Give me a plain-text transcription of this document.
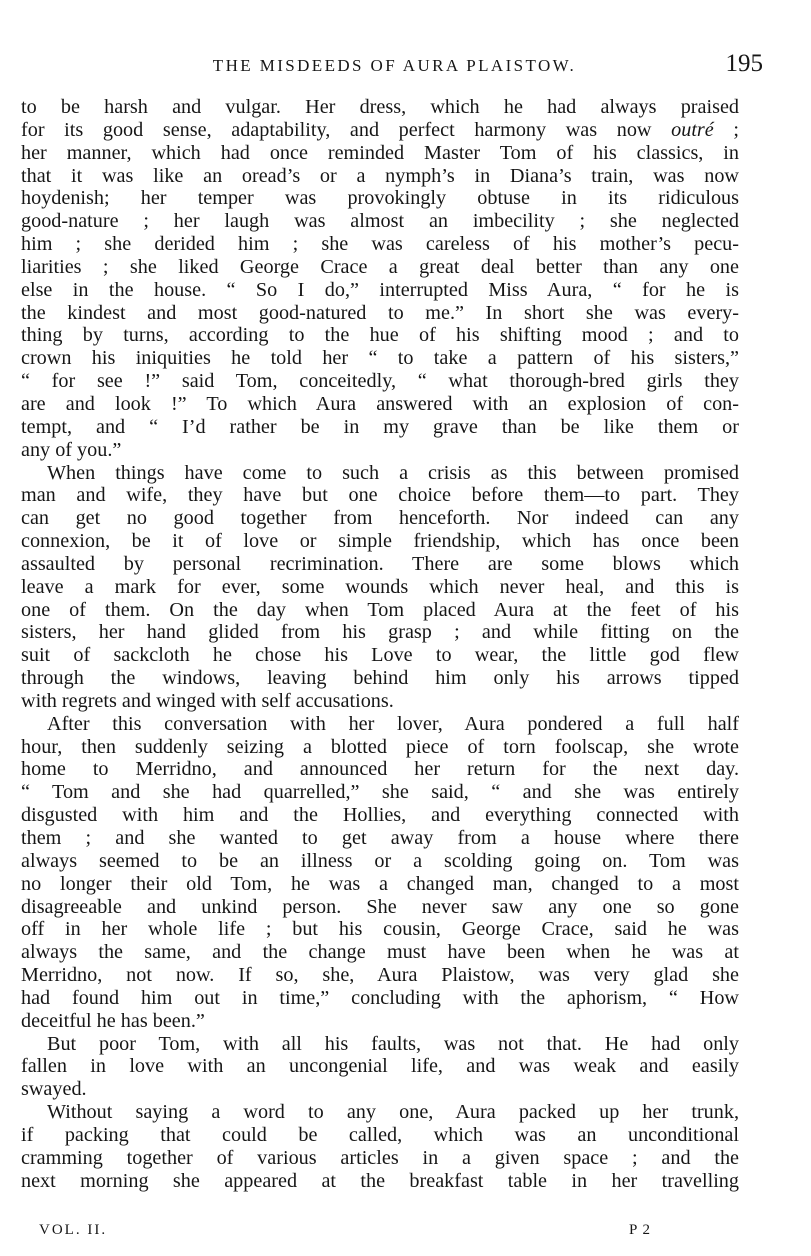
THE MISDEEDS OF AURA PLAISTOW.	195
to be harsh and vulgar. Her dress, which he had always praised
for its good sense, adaptability, and perfect harmony was now outré ;
her manner, which had once reminded Master Tom of his classics, in
that it was like an oread’s or a nymph’s in Diana’s train, was now
hoydenish; her temper was provokingly obtuse in its ridiculous
good-nature ; her laugh was almost an imbecility ; she neglected
him ; she derided him ; she was careless of his mother’s pecu-
liarities ; she liked George Crace a great deal better than any one
else in the house. “ So I do,” interrupted Miss Aura, “ for he is
the kindest and most good-natured to me.” In short she was every-
thing by turns, according to the hue of his shifting mood ; and to
crown his iniquities he told her “ to take a pattern of his sisters,”
“ for see !” said Tom, conceitedly, “ what thorough-bred girls they
are and look !” To which Aura answered with an explosion of con-
tempt, and “ I’d rather be in my grave than be like them or
any of you.”
When things have come to such a crisis as this between promised
man and wife, they have but one choice before them—to part. They
can get no good together from henceforth. Nor indeed can any
connexion, be it of love or simple friendship, which has once been
assaulted by personal recrimination. There are some blows which
leave a mark for ever, some wounds which never heal, and this is
one of them. On the day when Tom placed Aura at the feet of his
sisters, her hand glided from his grasp ; and while fitting on the
suit of sackcloth he chose his Love to wear, the little god flew
through the windows, leaving behind him only his arrows tipped
with regrets and winged with self accusations.
After this conversation with her lover, Aura pondered a full half
hour, then suddenly seizing a blotted piece of torn foolscap, she wrote
home to Merridno, and announced her return for the next day.
“ Tom and she had quarrelled,” she said, “ and she was entirely
disgusted with him and the Hollies, and everything connected with
them ; and she wanted to get away from a house where there
always seemed to be an illness or a scolding going on. Tom was
no longer their old Tom, he was a changed man, changed to a most
disagreeable and unkind person. She never saw any one so gone
off in her whole life ; but his cousin, George Crace, said he was
always the same, and the change must have been when he was at
Merridno, not now. If so, she, Aura Plaistow, was very glad she
had found him out in time,” concluding with the aphorism, “ How
deceitful he has been.”
But poor Tom, with all his faults, was not that. He had only
fallen in love with an uncongenial life, and was weak and easily
swayed.
Without saying a word to any one, Aura packed up her trunk,
if packing that could be called, which was an unconditional
cramming together of various articles in a given space ; and the
next morning she appeared at the breakfast table in her travelling
VOL. II.	P 2
